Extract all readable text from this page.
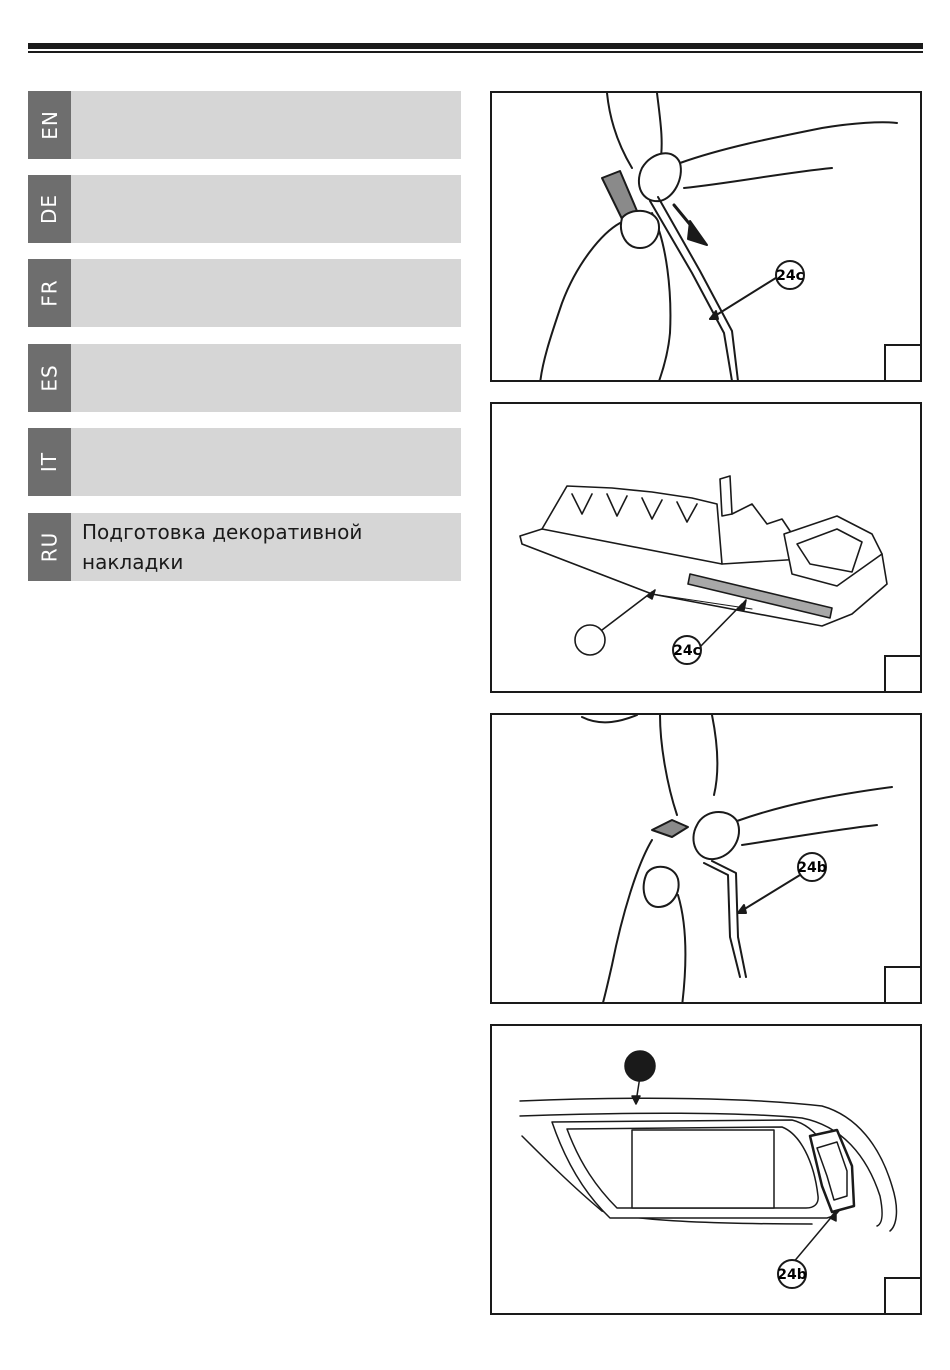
EN
DE
FR
ES
IT
RU Подготовка декоративной накладки
24c
24c
24b
24b
